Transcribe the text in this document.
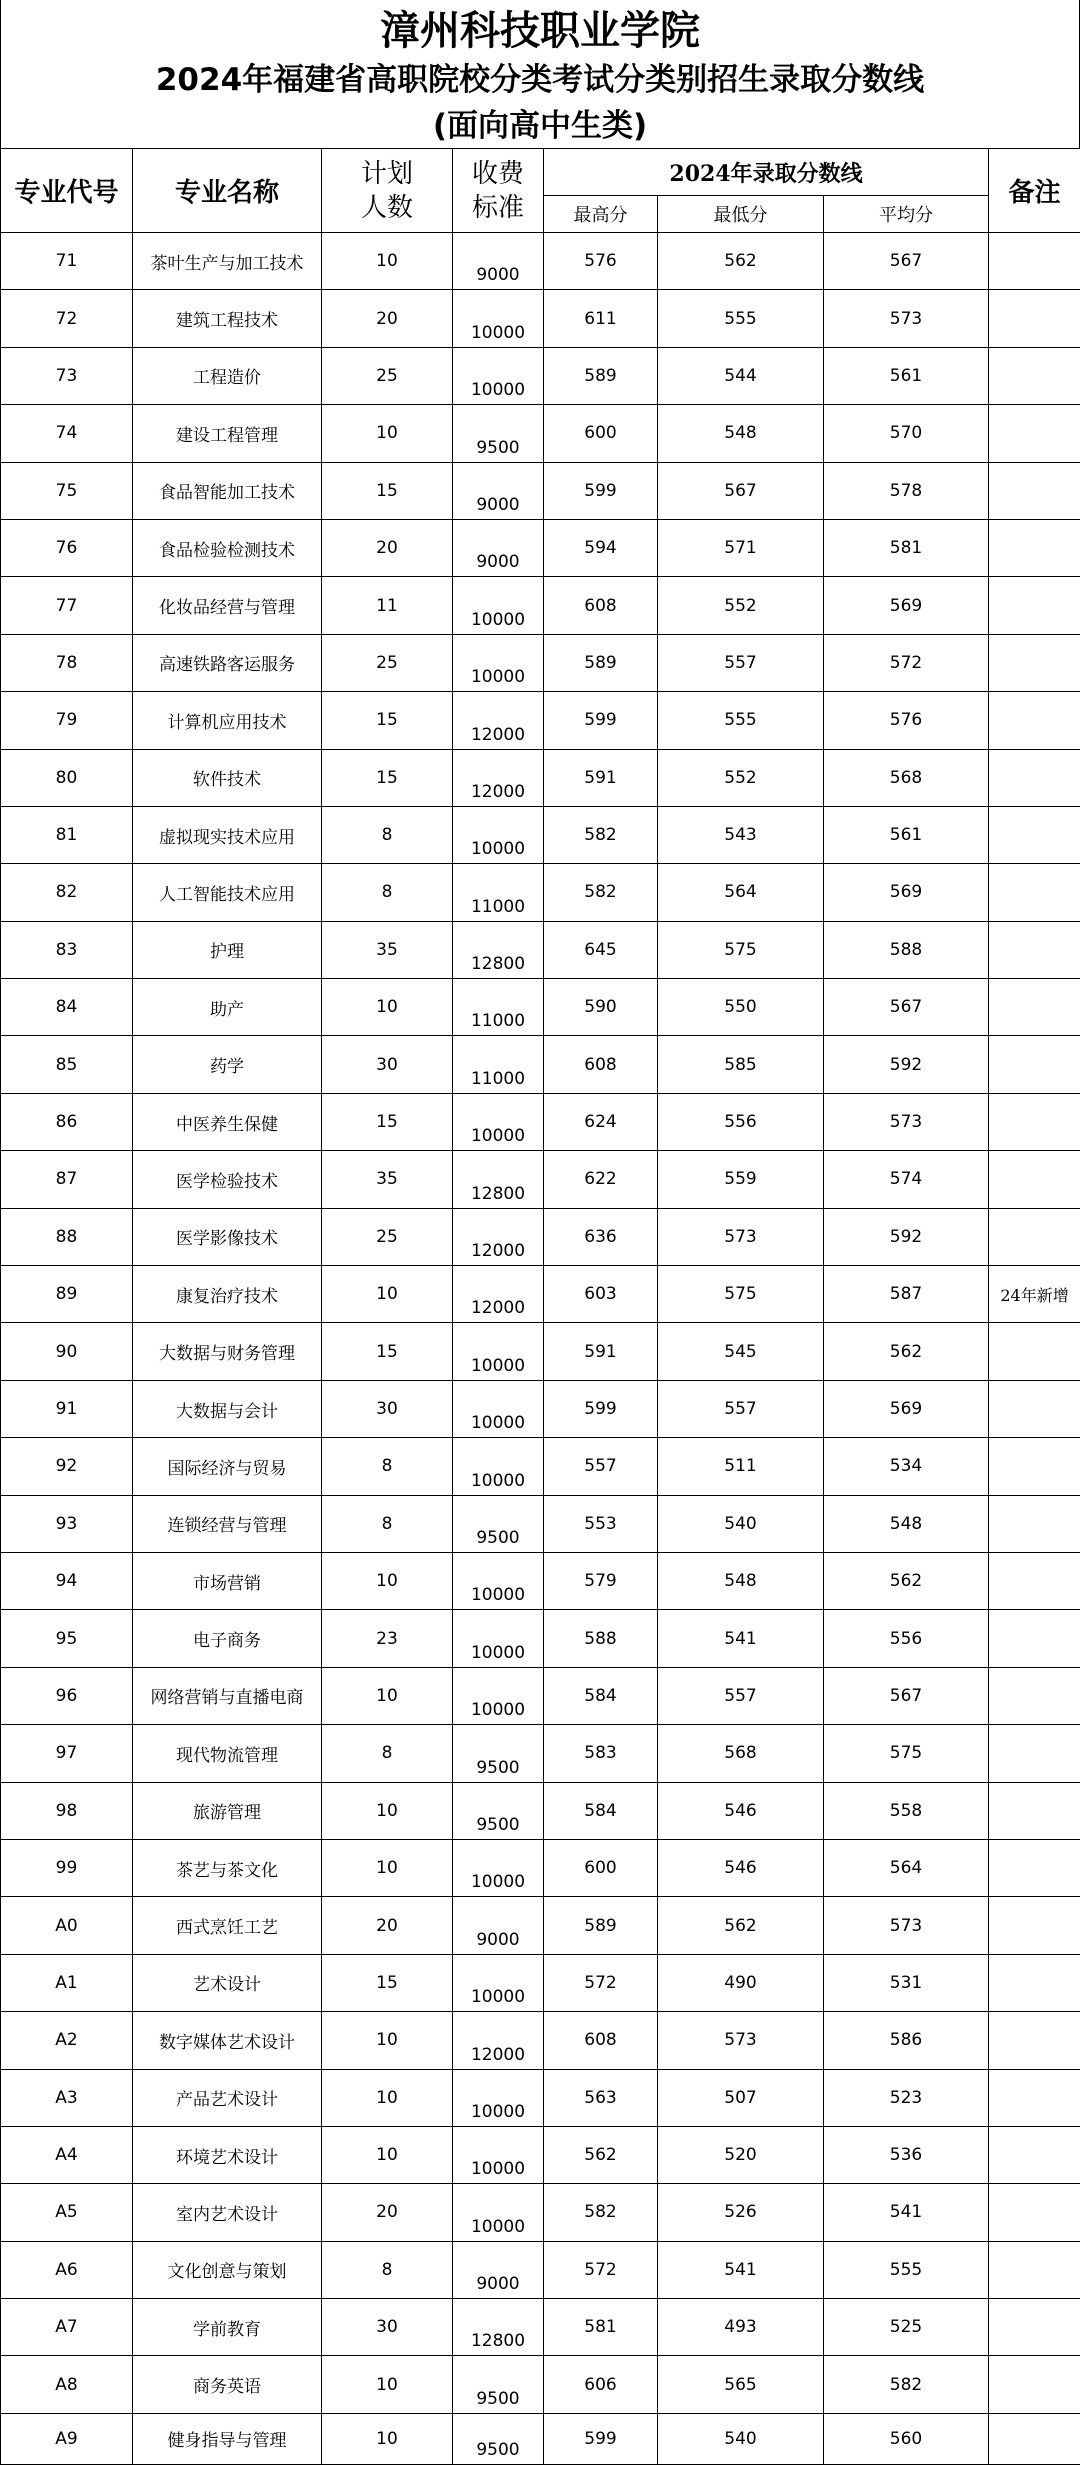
漳州科技职业学院
2024年福建省高职院校分类考试分类别招生录取分数线
(面向高中生类)
专业代号	专业名称	计划人数	收费标准	2024年录取分数线			备注
				最高分	最低分	平均分	
71	茶叶生产与加工技术	10	9000	576	562	567	
72	建筑工程技术	20	10000	611	555	573	
73	工程造价	25	10000	589	544	561	
74	建设工程管理	10	9500	600	548	570	
75	食品智能加工技术	15	9000	599	567	578	
76	食品检验检测技术	20	9000	594	571	581	
77	化妆品经营与管理	11	10000	608	552	569	
78	高速铁路客运服务	25	10000	589	557	572	
79	计算机应用技术	15	12000	599	555	576	
80	软件技术	15	12000	591	552	568	
81	虚拟现实技术应用	8	10000	582	543	561	
82	人工智能技术应用	8	11000	582	564	569	
83	护理	35	12800	645	575	588	
84	助产	10	11000	590	550	567	
85	药学	30	11000	608	585	592	
86	中医养生保健	15	10000	624	556	573	
87	医学检验技术	35	12800	622	559	574	
88	医学影像技术	25	12000	636	573	592	
89	康复治疗技术	10	12000	603	575	587	24年新增
90	大数据与财务管理	15	10000	591	545	562	
91	大数据与会计	30	10000	599	557	569	
92	国际经济与贸易	8	10000	557	511	534	
93	连锁经营与管理	8	9500	553	540	548	
94	市场营销	10	10000	579	548	562	
95	电子商务	23	10000	588	541	556	
96	网络营销与直播电商	10	10000	584	557	567	
97	现代物流管理	8	9500	583	568	575	
98	旅游管理	10	9500	584	546	558	
99	茶艺与茶文化	10	10000	600	546	564	
A0	西式烹饪工艺	20	9000	589	562	573	
A1	艺术设计	15	10000	572	490	531	
A2	数字媒体艺术设计	10	12000	608	573	586	
A3	产品艺术设计	10	10000	563	507	523	
A4	环境艺术设计	10	10000	562	520	536	
A5	室内艺术设计	20	10000	582	526	541	
A6	文化创意与策划	8	9000	572	541	555	
A7	学前教育	30	12800	581	493	525	
A8	商务英语	10	9500	606	565	582	
A9	健身指导与管理	10	9500	599	540	560	
